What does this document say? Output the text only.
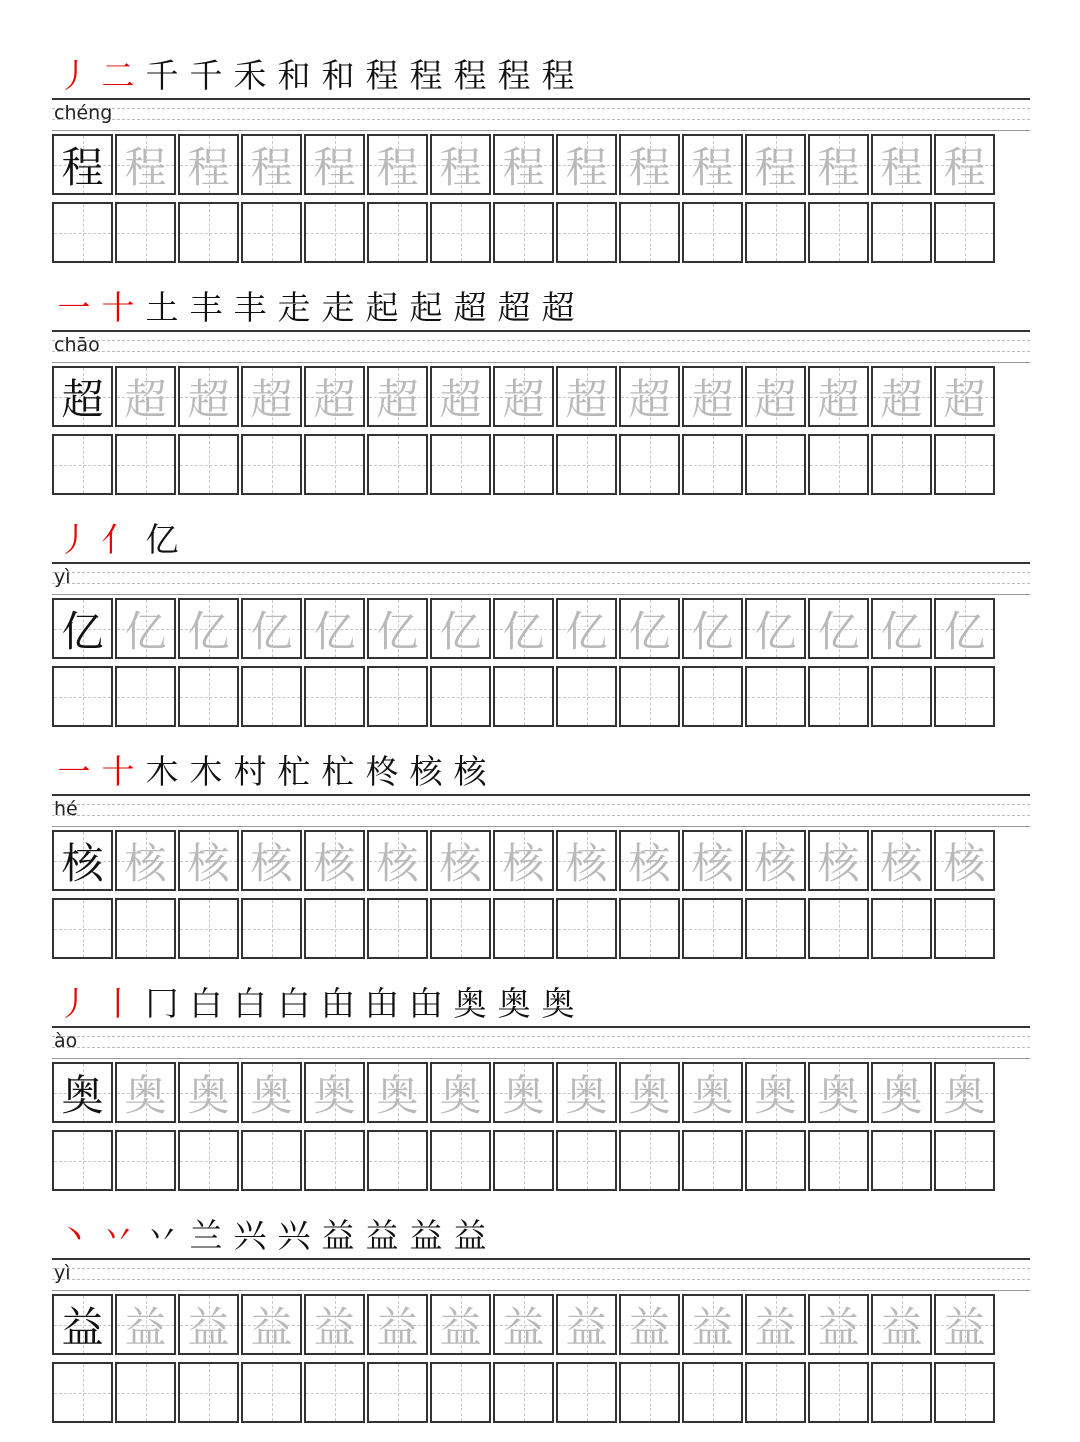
丿 二 千 千 禾 和 和 程 程 程 程 程
chéng
程 程 程 程 程 程 程 程 程 程 程 程 程 程 程
一 十 土 丰 丰 走 走 起 起 超 超 超
chāo
超 超 超 超 超 超 超 超 超 超 超 超 超 超 超
丿 亻 亿
yì
亿 亿 亿 亿 亿 亿 亿 亿 亿 亿 亿 亿 亿 亿 亿
一 十 木 木 村 杧 杧 柊 核 核
hé
核 核 核 核 核 核 核 核 核 核 核 核 核 核 核
丿 丨 冂 白 白 白 甶 甶 甶 奥 奥 奥
ào
奥 奥 奥 奥 奥 奥 奥 奥 奥 奥 奥 奥 奥 奥 奥
丶 丷 丷 兰 兴 兴 益 益 益 益
yì
益 益 益 益 益 益 益 益 益 益 益 益 益 益 益
